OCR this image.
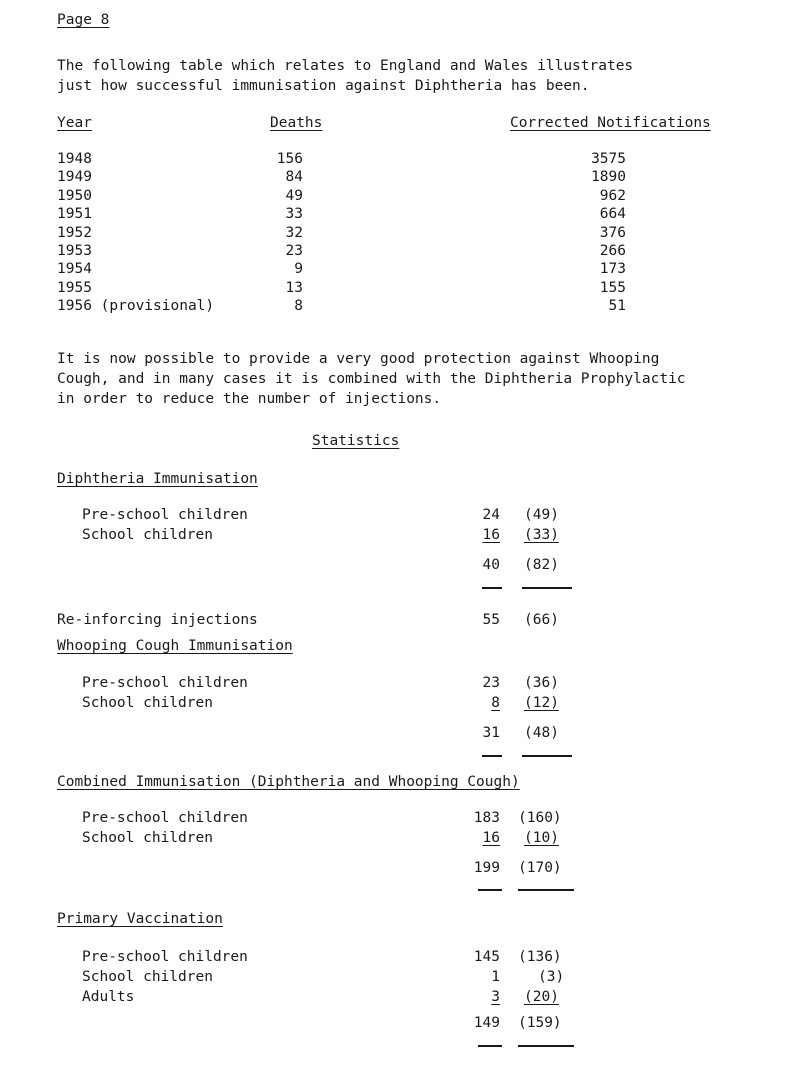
Page 8
The following table which relates to England and Wales illustrates
just how successful immunisation against Diphtheria has been.
Year	Deaths	Corrected Notifications
1948	156	3575
1949	84	1890
1950	49	962
1951	33	664
1952	32	376
1953	23	266
1954	9	173
1955	13	155
1956 (provisional)	8	51
It is now possible to provide a very good protection against Whooping
Cough, and in many cases it is combined with the Diphtheria Prophylactic
in order to reduce the number of injections.
Statistics
Diphtheria Immunisation
Pre-school children	24 (49)
School children	16 (33)
40 (82)
Re-inforcing injections	55 (66)
Whooping Cough Immunisation
Pre-school children	23 (36)
School children	8 (12)
31 (48)
Combined Immunisation (Diphtheria and Whooping Cough)
Pre-school children	183 (160)
School children	16 (10)
199 (170)
Primary Vaccination
Pre-school children	145 (136)
School children	1	(3)
Adults	3 (20)
149 (159)
